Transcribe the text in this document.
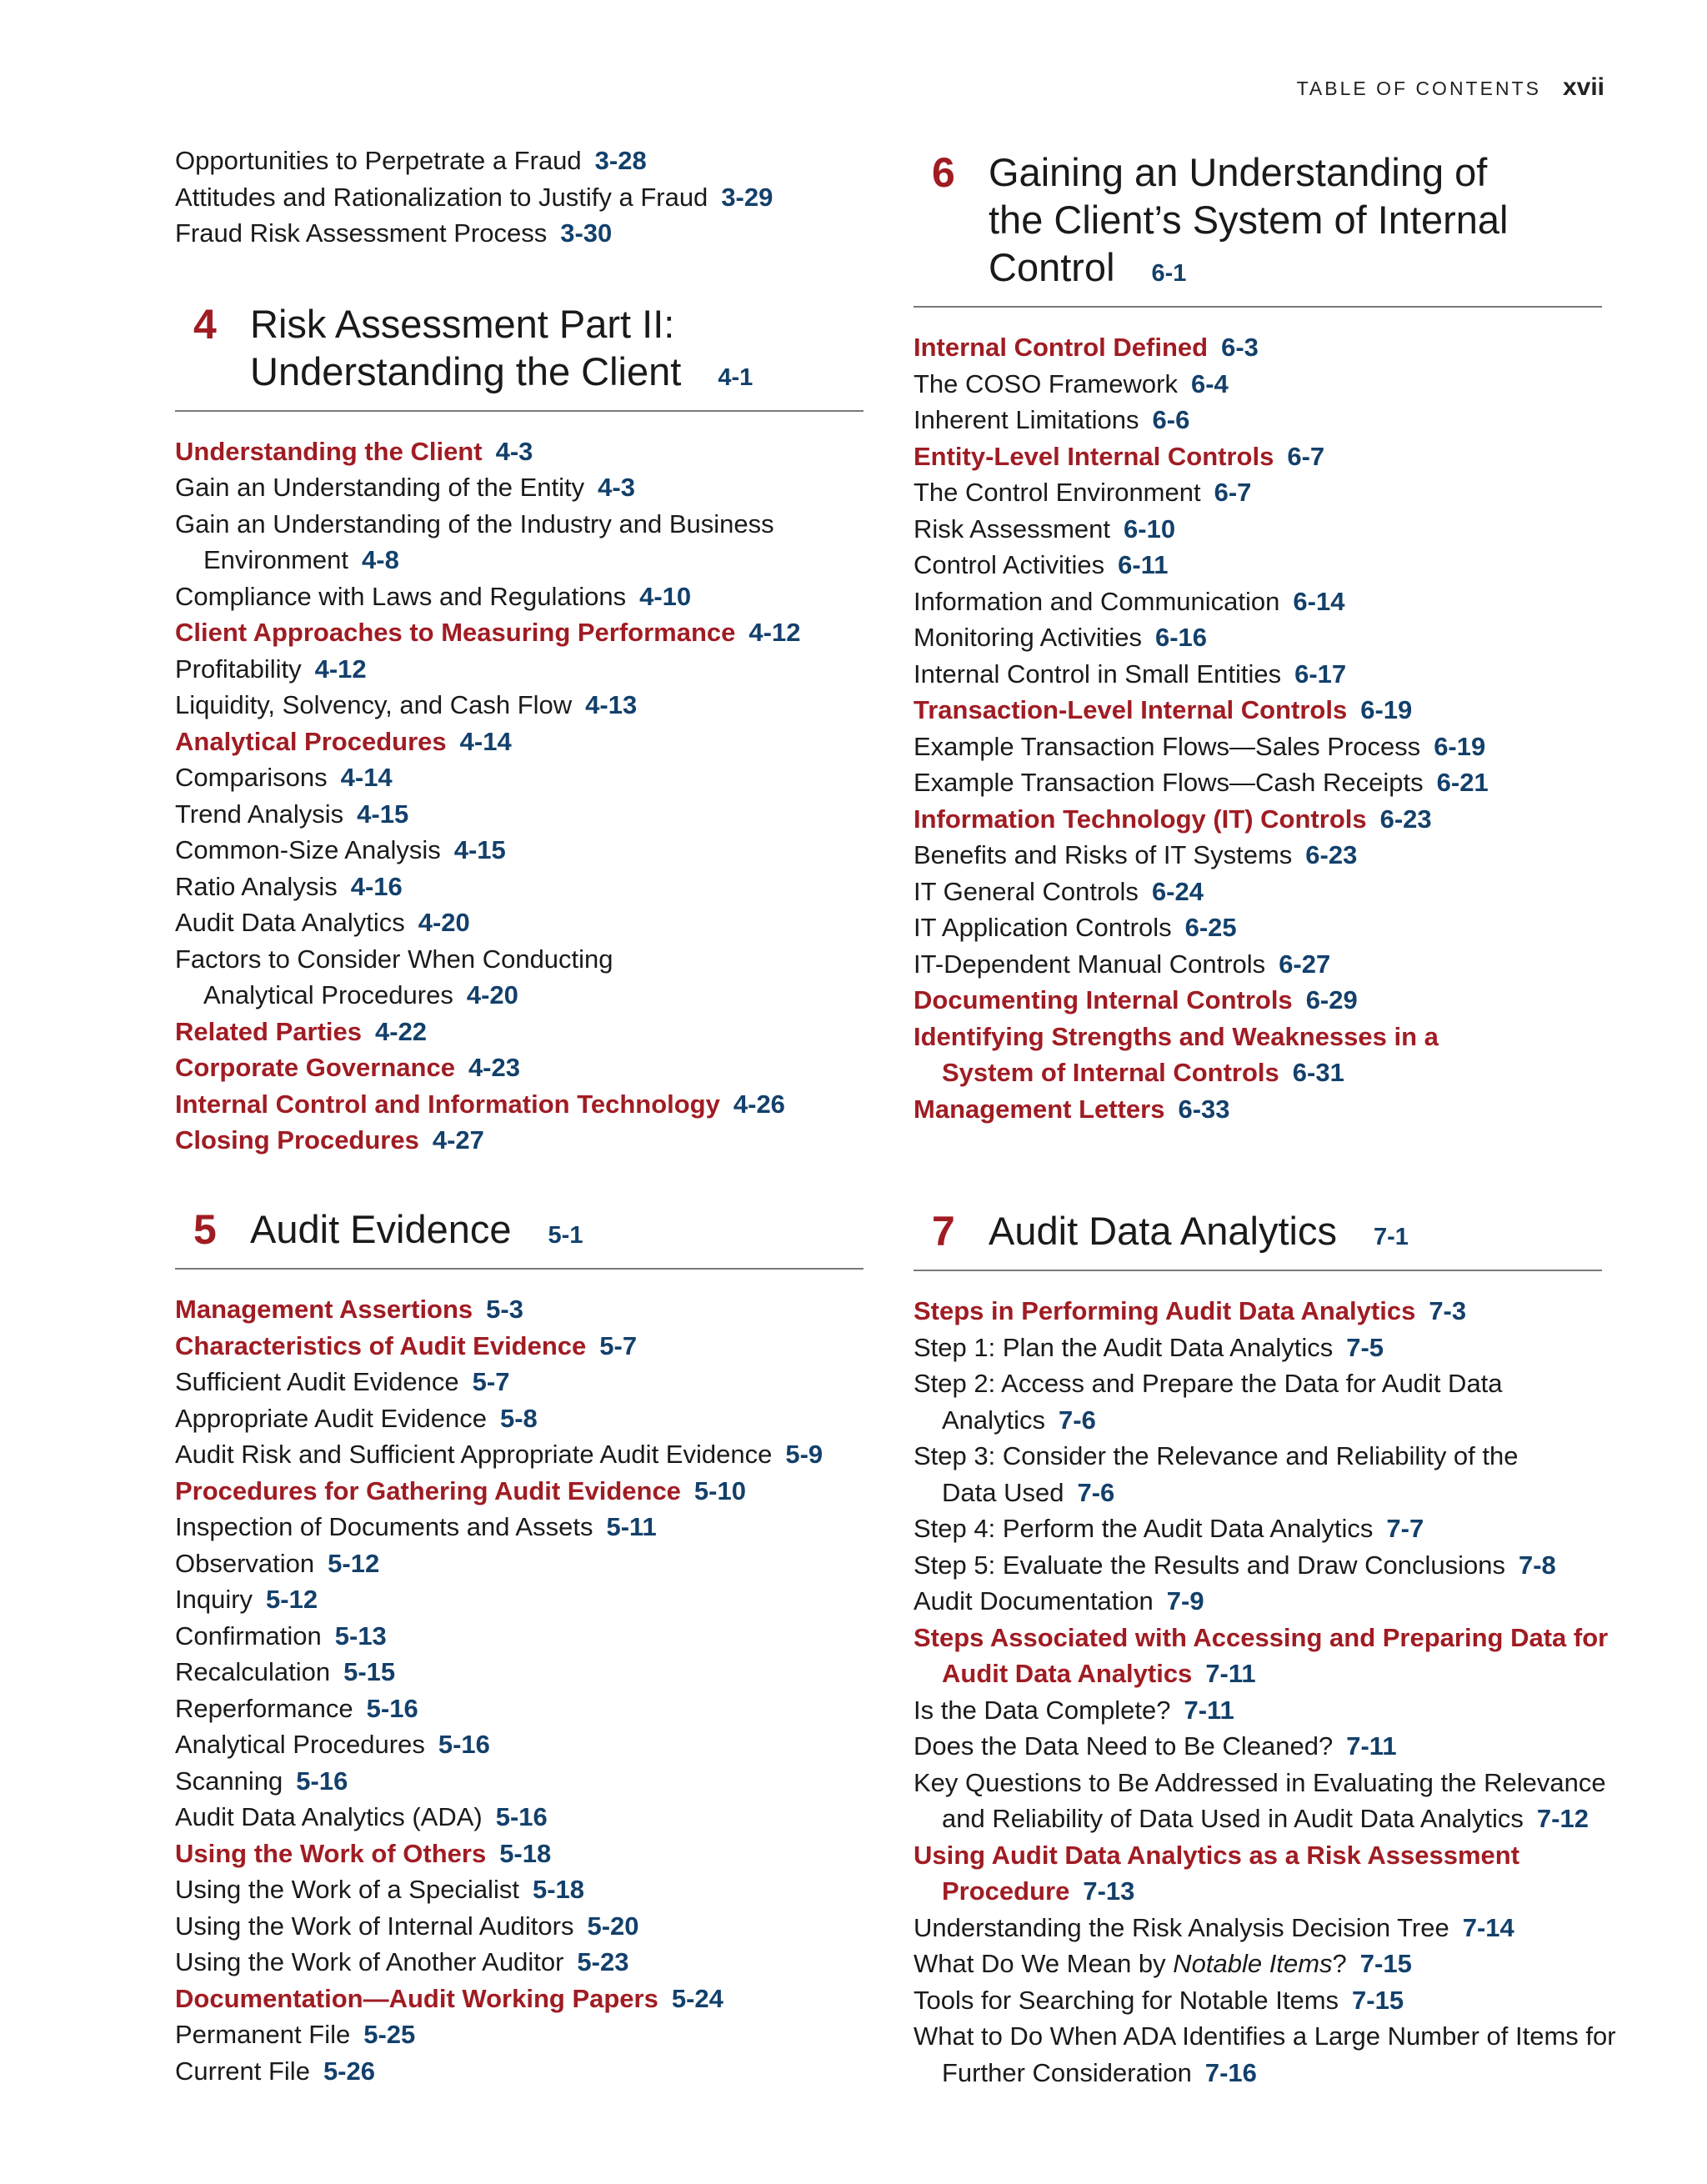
TABLE OF CONTENTS xvii
Opportunities to Perpetrate a Fraud 3-28
Attitudes and Rationalization to Justify a Fraud 3-29
Fraud Risk Assessment Process 3-30
4 Risk Assessment Part II:
Understanding the Client 4-1
Understanding the Client 4-3
Gain an Understanding of the Entity 4-3
Gain an Understanding of the Industry and Business Environment 4-8
Compliance with Laws and Regulations 4-10
Client Approaches to Measuring Performance 4-12
Profitability 4-12
Liquidity, Solvency, and Cash Flow 4-13
Analytical Procedures 4-14
Comparisons 4-14
Trend Analysis 4-15
Common-Size Analysis 4-15
Ratio Analysis 4-16
Audit Data Analytics 4-20
Factors to Consider When Conducting Analytical Procedures 4-20
Related Parties 4-22
Corporate Governance 4-23
Internal Control and Information Technology 4-26
Closing Procedures 4-27
5 Audit Evidence 5-1
Management Assertions 5-3
Characteristics of Audit Evidence 5-7
Sufficient Audit Evidence 5-7
Appropriate Audit Evidence 5-8
Audit Risk and Sufficient Appropriate Audit Evidence 5-9
Procedures for Gathering Audit Evidence 5-10
Inspection of Documents and Assets 5-11
Observation 5-12
Inquiry 5-12
Confirmation 5-13
Recalculation 5-15
Reperformance 5-16
Analytical Procedures 5-16
Scanning 5-16
Audit Data Analytics (ADA) 5-16
Using the Work of Others 5-18
Using the Work of a Specialist 5-18
Using the Work of Internal Auditors 5-20
Using the Work of Another Auditor 5-23
Documentation—Audit Working Papers 5-24
Permanent File 5-25
Current File 5-26
6 Gaining an Understanding of
the Client’s System of Internal
Control 6-1
Internal Control Defined 6-3
The COSO Framework 6-4
Inherent Limitations 6-6
Entity-Level Internal Controls 6-7
The Control Environment 6-7
Risk Assessment 6-10
Control Activities 6-11
Information and Communication 6-14
Monitoring Activities 6-16
Internal Control in Small Entities 6-17
Transaction-Level Internal Controls 6-19
Example Transaction Flows—Sales Process 6-19
Example Transaction Flows—Cash Receipts 6-21
Information Technology (IT) Controls 6-23
Benefits and Risks of IT Systems 6-23
IT General Controls 6-24
IT Application Controls 6-25
IT-Dependent Manual Controls 6-27
Documenting Internal Controls 6-29
Identifying Strengths and Weaknesses in a System of Internal Controls 6-31
Management Letters 6-33
7 Audit Data Analytics 7-1
Steps in Performing Audit Data Analytics 7-3
Step 1: Plan the Audit Data Analytics 7-5
Step 2: Access and Prepare the Data for Audit Data Analytics 7-6
Step 3: Consider the Relevance and Reliability of the Data Used 7-6
Step 4: Perform the Audit Data Analytics 7-7
Step 5: Evaluate the Results and Draw Conclusions 7-8
Audit Documentation 7-9
Steps Associated with Accessing and Preparing Data for Audit Data Analytics 7-11
Is the Data Complete? 7-11
Does the Data Need to Be Cleaned? 7-11
Key Questions to Be Addressed in Evaluating the Relevance and Reliability of Data Used in Audit Data Analytics 7-12
Using Audit Data Analytics as a Risk Assessment Procedure 7-13
Understanding the Risk Analysis Decision Tree 7-14
What Do We Mean by Notable Items? 7-15
Tools for Searching for Notable Items 7-15
What to Do When ADA Identifies a Large Number of Items for Further Consideration 7-16
